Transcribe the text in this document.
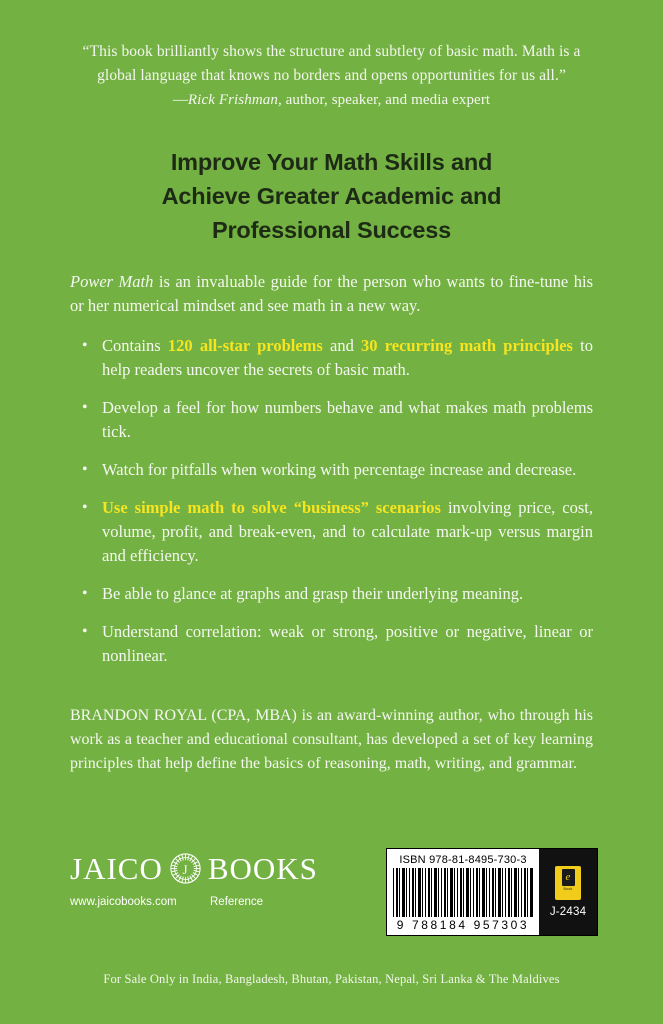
“This book brilliantly shows the structure and subtlety of basic math. Math is a
global language that knows no borders and opens opportunities for us all.”
—Rick Frishman, author, speaker, and media expert
Improve Your Math Skills and
Achieve Greater Academic and
Professional Success

Power Math is an invaluable guide for the person who wants to fine-tune his or her numerical mindset and see math in a new way.

• Contains 120 all-star problems and 30 recurring math principles to help readers uncover the secrets of basic math.
• Develop a feel for how numbers behave and what makes math problems tick.
• Watch for pitfalls when working with percentage increase and decrease.
• Use simple math to solve “business” scenarios involving price, cost, volume, profit, and break-even, and to calculate mark-up versus margin and efficiency.
• Be able to glance at graphs and grasp their underlying meaning.
• Understand correlation: weak or strong, positive or negative, linear or nonlinear.

BRANDON ROYAL (CPA, MBA) is an award-winning author, who through his work as a teacher and educational consultant, has developed a set of key learning principles that help define the basics of reasoning, math, writing, and grammar.

JAICO J BOOKS
www.jaicobooks.com	Reference
ISBN 978-81-8495-730-3
9 788184 957303
e
Book
AVAILABLE
J-2434
For Sale Only in India, Bangladesh, Bhutan, Pakistan, Nepal, Sri Lanka & The Maldives
